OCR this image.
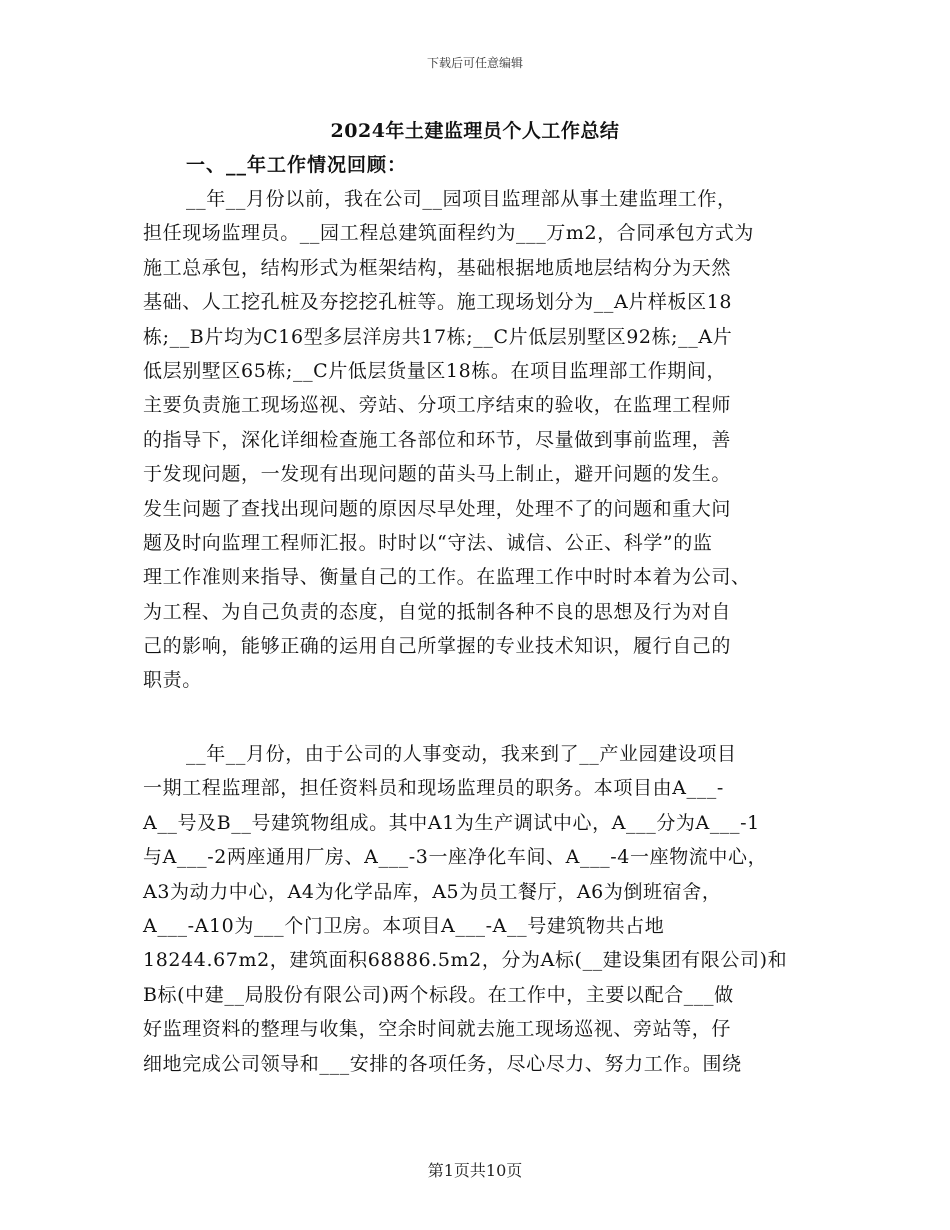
下载后可任意编辑
2024年土建监理员个人工作总结
一、__年工作情况回顾：
__年__月份以前，我在公司__园项目监理部从事土建监理工作，
担任现场监理员。__园工程总建筑面程约为___万m2，合同承包方式为
施工总承包，结构形式为框架结构，基础根据地质地层结构分为天然
基础、人工挖孔桩及夯挖挖孔桩等。施工现场划分为__A片样板区18
栋;__B片均为C16型多层洋房共17栋;__C片低层别墅区92栋;__A片
低层别墅区65栋;__C片低层货量区18栋。在项目监理部工作期间，
主要负责施工现场巡视、旁站、分项工序结束的验收，在监理工程师
的指导下，深化详细检查施工各部位和环节，尽量做到事前监理，善
于发现问题，一发现有出现问题的苗头马上制止，避开问题的发生。
发生问题了查找出现问题的原因尽早处理，处理不了的问题和重大问
题及时向监理工程师汇报。时时以“守法、诚信、公正、科学”的监
理工作准则来指导、衡量自己的工作。在监理工作中时时本着为公司、
为工程、为自己负责的态度，自觉的抵制各种不良的思想及行为对自
己的影响，能够正确的运用自己所掌握的专业技术知识，履行自己的
职责。
__年__月份，由于公司的人事变动，我来到了__产业园建设项目
一期工程监理部，担任资料员和现场监理员的职务。本项目由A___-
A__号及B__号建筑物组成。其中A1为生产调试中心，A___分为A___-1
与A___-2两座通用厂房、A___-3一座净化车间、A___-4一座物流中心，
A3为动力中心，A4为化学品库，A5为员工餐厅，A6为倒班宿舍，
A___-A10为___个门卫房。本项目A___-A__号建筑物共占地
18244.67m2，建筑面积68886.5m2，分为A标(__建设集团有限公司)和
B标(中建__局股份有限公司)两个标段。在工作中，主要以配合___做
好监理资料的整理与收集，空余时间就去施工现场巡视、旁站等，仔
细地完成公司领导和___安排的各项任务，尽心尽力、努力工作。围绕
第1页共10页
